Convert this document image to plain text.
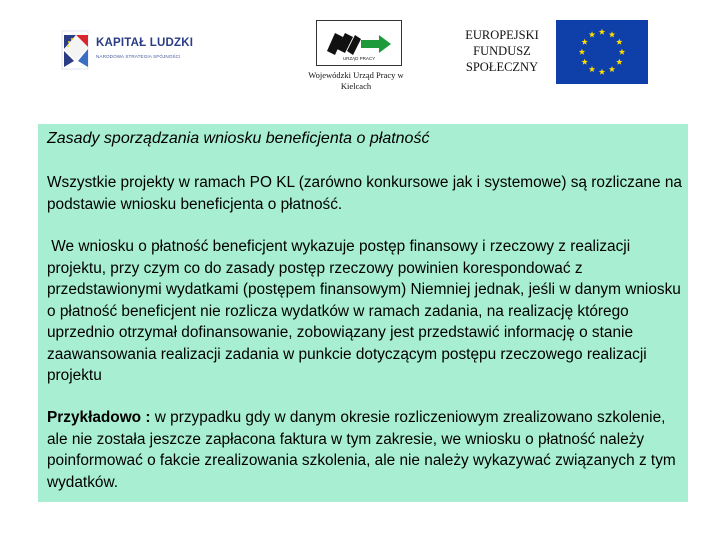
KAPITAŁ LUDZKI
NARODOWA STRATEGIA SPÓJNOŚCI	URZĄD PRACY
Wojewódzki Urząd Pracy w Kielcach
EUROPEJSKI FUNDUSZ SPOŁECZNY
Zasady sporządzania wniosku beneficjenta o płatność

Wszystkie projekty w ramach PO KL (zarówno konkursowe jak i systemowe) są rozliczane na podstawie wniosku beneficjenta o płatność.

We wniosku o płatność beneficjent wykazuje postęp finansowy i rzeczowy z realizacji projektu, przy czym co do zasady postęp rzeczowy powinien korespondować z przedstawionymi wydatkami (postępem finansowym) Niemniej jednak, jeśli w danym wniosku o płatność beneficjent nie rozlicza wydatków w ramach zadania, na realizację którego uprzednio otrzymał dofinansowanie, zobowiązany jest przedstawić informację o stanie zaawansowania realizacji zadania w punkcie dotyczącym postępu rzeczowego realizacji projektu

Przykładowo : w przypadku gdy w danym okresie rozliczeniowym zrealizowano szkolenie, ale nie została jeszcze zapłacona faktura w tym zakresie, we wniosku o płatność należy poinformować o fakcie zrealizowania szkolenia, ale nie należy wykazywać związanych z tym wydatków.
